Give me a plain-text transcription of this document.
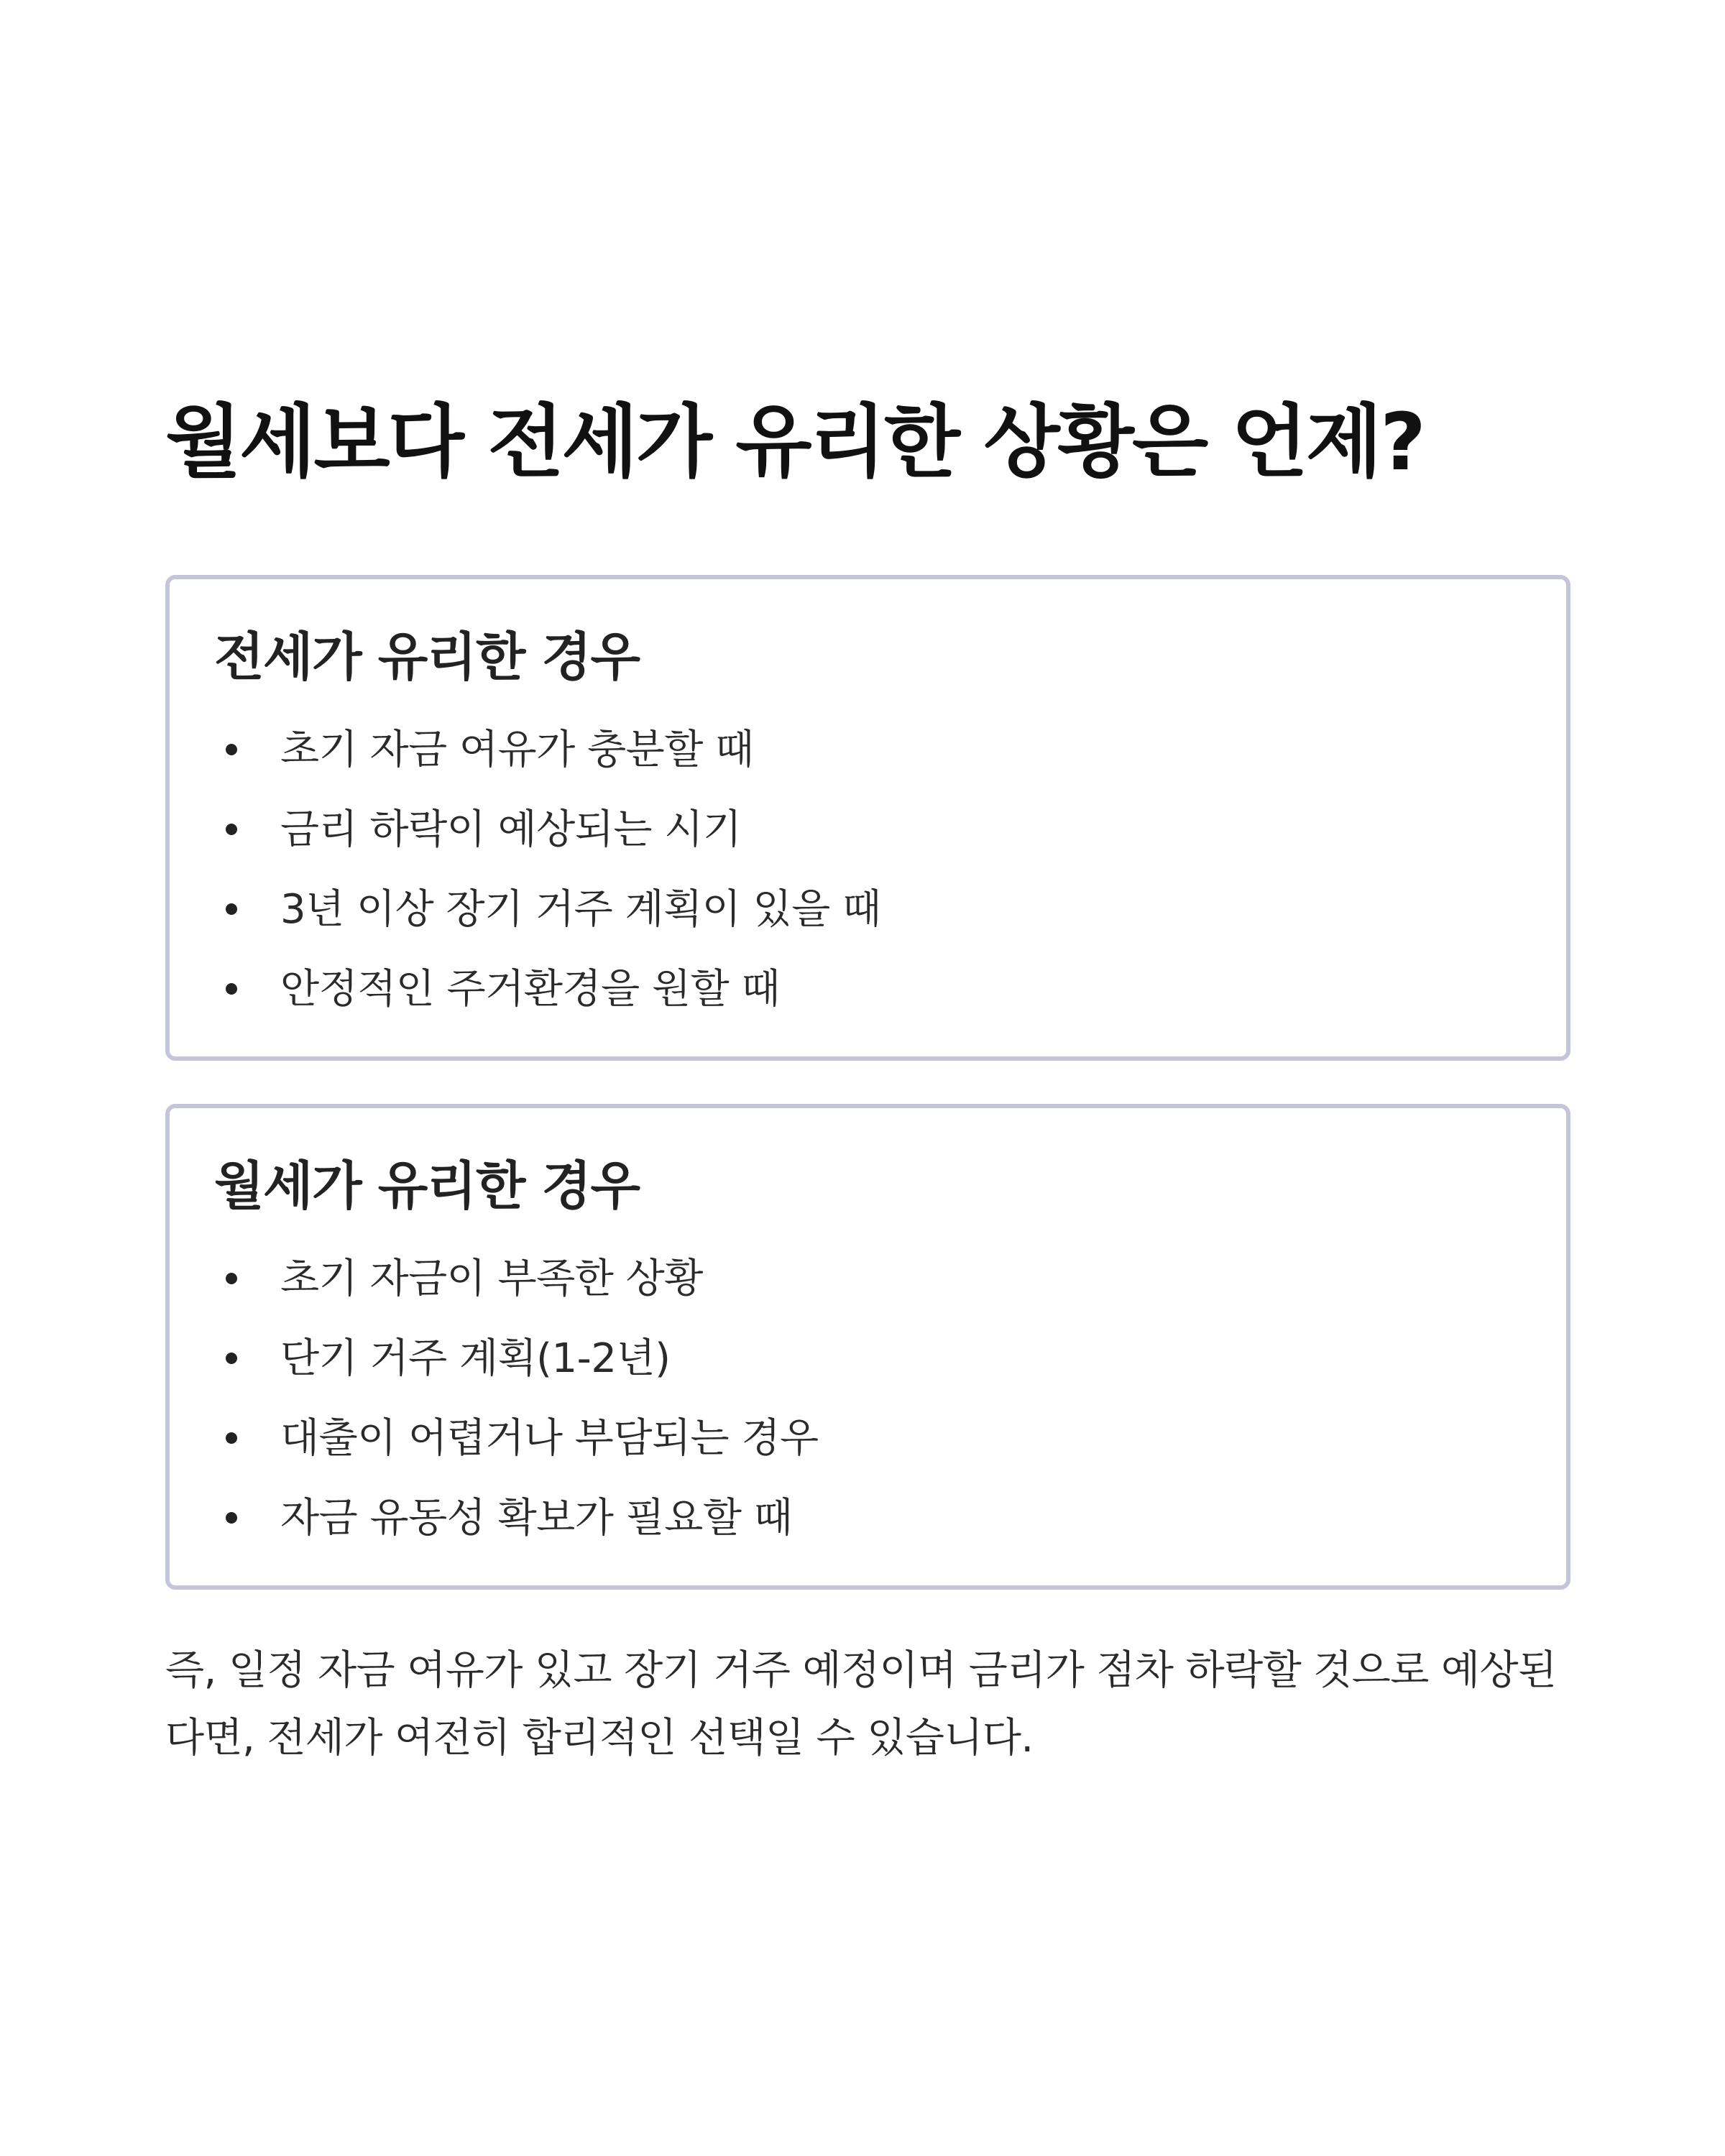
월세보다 전세가 유리한 상황은 언제?
전세가 유리한 경우
초기 자금 여유가 충분할 때
금리 하락이 예상되는 시기
3년 이상 장기 거주 계획이 있을 때
안정적인 주거환경을 원할 때
월세가 유리한 경우
초기 자금이 부족한 상황
단기 거주 계획(1-2년)
대출이 어렵거나 부담되는 경우
자금 유동성 확보가 필요할 때

즉, 일정 자금 여유가 있고 장기 거주 예정이며 금리가 점차 하락할 것으로 예상된다면, 전세가 여전히 합리적인 선택일 수 있습니다.
